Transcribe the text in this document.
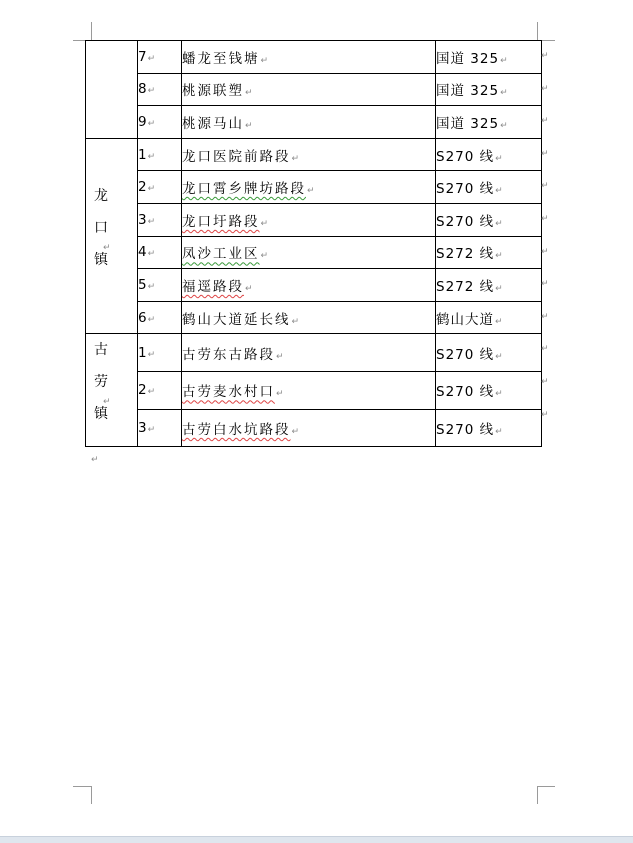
	7↵	蟠龙至钱塘↵	国道 325↵
	8↵	桃源联塑↵	国道 325↵
	9↵	桃源马山↵	国道 325↵

龙口镇
↵	1↵	龙口医院前路段↵	S270 线↵
	2↵	龙口霄乡牌坊路段↵	S270 线↵
	3↵	龙口圩路段↵	S270 线↵
	4↵	凤沙工业区↵	S272 线↵
	5↵	福逕路段↵	S272 线↵
	6↵	鹤山大道延长线↵	鹤山大道↵

古劳镇
↵	1↵	古劳东古路段↵	S270 线↵
	2↵	古劳麦水村口↵	S270 线↵
	3↵	古劳白水坑路段↵	S270 线↵
↵
↵
↵
↵
↵
↵
↵
↵
↵
↵
↵
↵
↵
